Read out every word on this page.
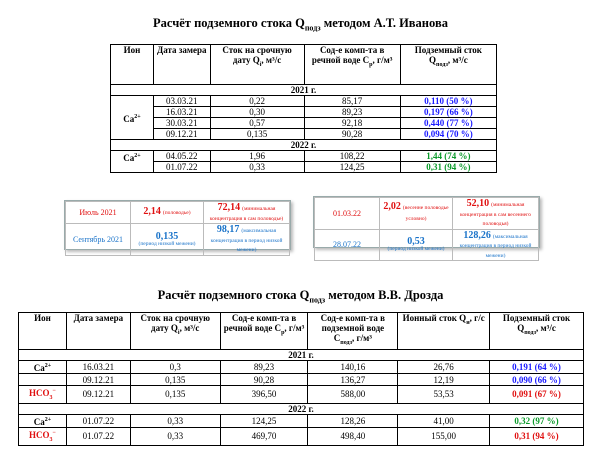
Расчёт подземного стока $Q_{подз}$ методом А.Т. Иванова
Ион	Дата замера	Сток на срочную дату $Q_i$, м³/с	Сод-е комп-та в речной воде $С_р$, г/м³	Подземный сток $Q_{подз}$, м³/с
2021 г.				
$Ca^{2+}$	03.03.21	0,22	85,17	0,110 (50 %)
	16.03.21	0,30	89,23	0,197 (66 %)
	30.03.21	0,57	92,18	0,440 (77 %)
	09.12.21	0,135	90,28	0,094 (70 %)
2022 г.				
$Ca^{2+}$	04.05.22	1,96	108,22	1,44 (74 %)
	01.07.22	0,33	124,25	0,31 (94 %)
Июль 2021	2,14 (половодье)	72,14 (минимальная концентрация в сам половодье)
Сентябрь 2021	0,135
(период низкой межени)	98,17 (максимальная концентрация в период низкой межени)
01.03.22	2,02 (весенне половодье условно)	52,10 (минимальная концентрация в сам весеннего половодья)
28.07.22	0,53
(период низкой межени)	128,26 (максимальная концентрация в период низкой межени)
Расчёт подземного стока $Q_{подз}$ методом В.В. Дрозда
Ион	Дата замера	Сток на срочную дату $Q_i$, м³/с	Сод-е комп-та в речной воде $С_р$, г/м³	Сод-е комп-та в подземной воде $С_{подз}$, г/м³	Ионный сток $Q_и$, г/с	Подземный сток $Q_{подз}$, м³/с
2021 г.						
$Ca^{2+}$	16.03.21	0,3	89,23	140,16	26,76	0,191 (64 %)
	09.12.21	0,135	90,28	136,27	12,19	0,090 (66 %)
$HCO_3^-$	09.12.21	0,135	396,50	588,00	53,53	0,091 (67 %)
2022 г.						
$Ca^{2+}$	01.07.22	0,33	124,25	128,26	41,00	0,32 (97 %)
$HCO_3^-$	01.07.22	0,33	469,70	498,40	155,00	0,31 (94 %)
